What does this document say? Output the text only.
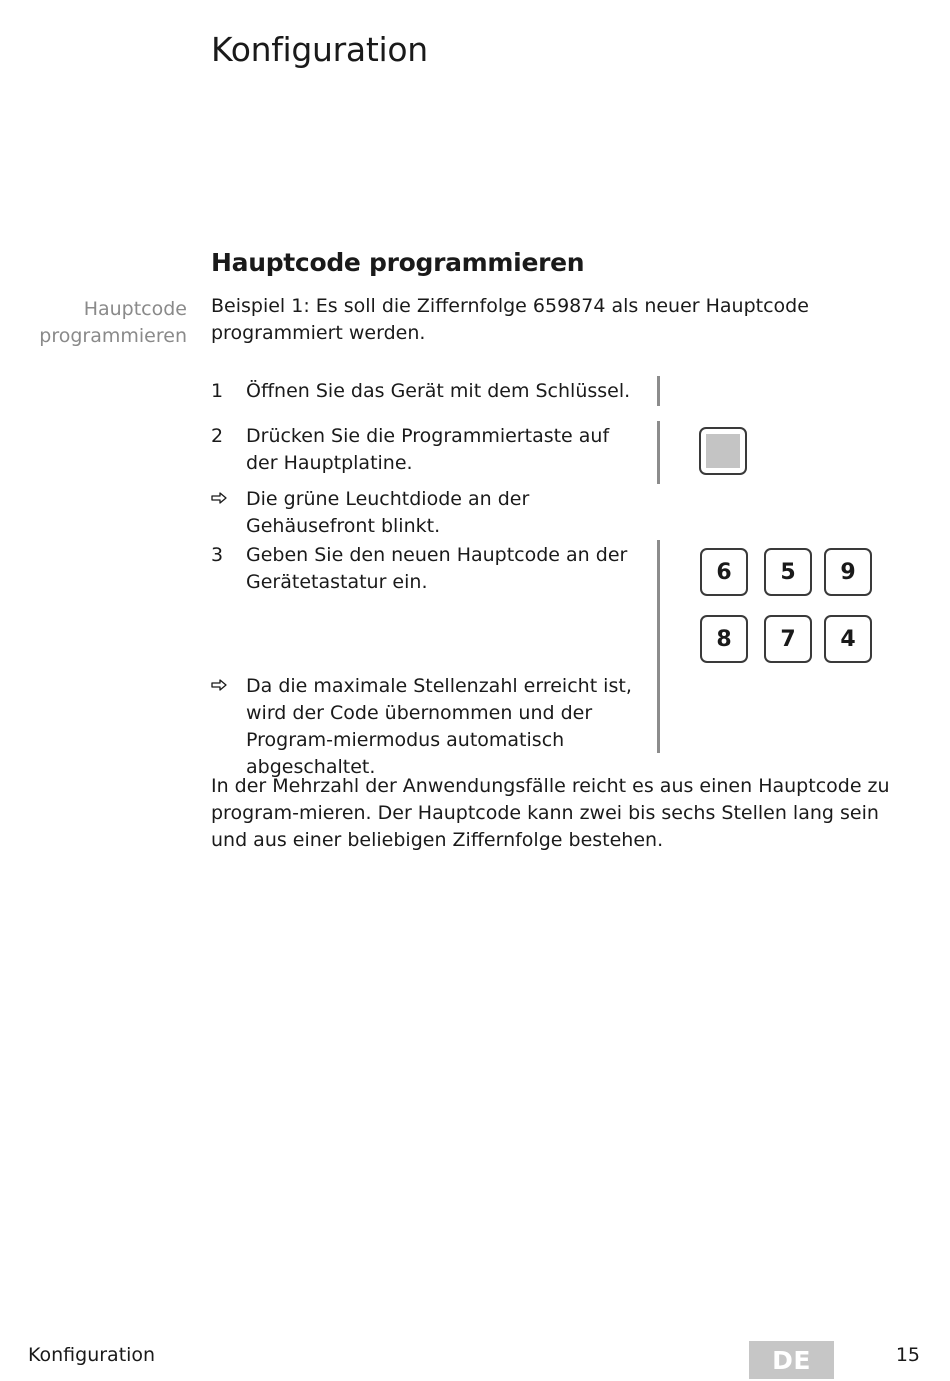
Konfiguration
Hauptcode programmieren
Hauptcode programmieren
Beispiel 1: Es soll die Ziffernfolge 659874 als neuer Hauptcode programmiert werden.
1	Öffnen Sie das Gerät mit dem Schlüssel.
2	Drücken Sie die Programmiertaste auf der Hauptplatine.
Die grüne Leuchtdiode an der Gehäusefront blinkt.
3	Geben Sie den neuen Hauptcode an der Gerätetastatur ein.	6	5	9
8	7	4
Da die maximale Stellenzahl erreicht ist, wird der Code übernommen und der Program-miermodus automatisch abgeschaltet.
In der Mehrzahl der Anwendungsfälle reicht es aus einen Hauptcode zu program-mieren. Der Hauptcode kann zwei bis sechs Stellen lang sein und aus einer beliebigen Ziffernfolge bestehen.
Konfiguration	DE	15
